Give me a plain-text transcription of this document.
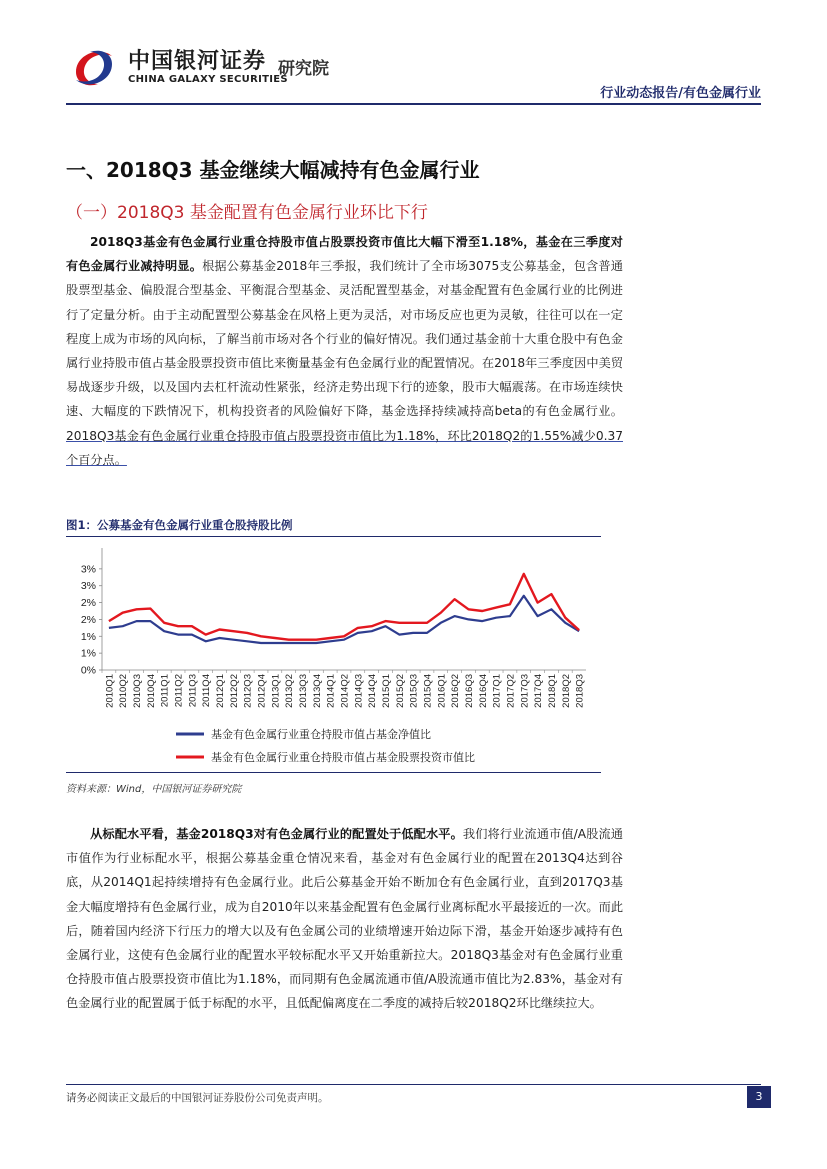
中国银河证券
CHINA GALAXY SECURITIES
研究院
行业动态报告/有色金属行业
一、2018Q3 基金继续大幅减持有色金属行业
（一）2018Q3 基金配置有色金属行业环比下行
2018Q3基金有色金属行业重仓持股市值占股票投资市值比大幅下滑至1.18%，基金在三季度对有色金属行业减持明显。根据公募基金2018年三季报，我们统计了全市场3075支公募基金，包含普通股票型基金、偏股混合型基金、平衡混合型基金、灵活配置型基金，对基金配置有色金属行业的比例进行了定量分析。由于主动配置型公募基金在风格上更为灵活，对市场反应也更为灵敏，往往可以在一定程度上成为市场的风向标，了解当前市场对各个行业的偏好情况。我们通过基金前十大重仓股中有色金属行业持股市值占基金股票投资市值比来衡量基金有色金属行业的配置情况。在2018年三季度因中美贸易战逐步升级，以及国内去杠杆流动性紧张，经济走势出现下行的迹象，股市大幅震荡。在市场连续快速、大幅度的下跌情况下，机构投资者的风险偏好下降，基金选择持续减持高beta的有色金属行业。2018Q3基金有色金属行业重仓持股市值占股票投资市值比为1.18%，环比2018Q2的1.55%减少0.37个百分点。
图1：公募基金有色金属行业重仓股持股比例
0%
1%
1%
2%
2%
3%
3%
2010Q1 2010Q2 2010Q3 2010Q4 2011Q1 2011Q2 2011Q3 2011Q4 2012Q1 2012Q2 2012Q3 2012Q4 2013Q1 2013Q2 2013Q3 2013Q4 2014Q1 2014Q2 2014Q3 2014Q4 2015Q1 2015Q2 2015Q3 2015Q4 2016Q1 2016Q2 2016Q3 2016Q4 2017Q1 2017Q2 2017Q3 2017Q4 2018Q1 2018Q2 2018Q3
基金有色金属行业重仓持股市值占基金净值比
基金有色金属行业重仓持股市值占基金股票投资市值比
资料来源：Wind，中国银河证券研究院
从标配水平看，基金2018Q3对有色金属行业的配置处于低配水平。我们将行业流通市值/A股流通市值作为行业标配水平，根据公募基金重仓情况来看，基金对有色金属行业的配置在2013Q4达到谷底，从2014Q1起持续增持有色金属行业。此后公募基金开始不断加仓有色金属行业，直到2017Q3基金大幅度增持有色金属行业，成为自2010年以来基金配置有色金属行业离标配水平最接近的一次。而此后，随着国内经济下行压力的增大以及有色金属公司的业绩增速开始边际下滑，基金开始逐步减持有色金属行业，这使有色金属行业的配置水平较标配水平又开始重新拉大。2018Q3基金对有色金属行业重仓持股市值占股票投资市值比为1.18%，而同期有色金属流通市值/A股流通市值比为2.83%，基金对有色金属行业的配置属于低于标配的水平，且低配偏离度在二季度的减持后较2018Q2环比继续拉大。
请务必阅读正文最后的中国银河证券股份公司免责声明。	3
